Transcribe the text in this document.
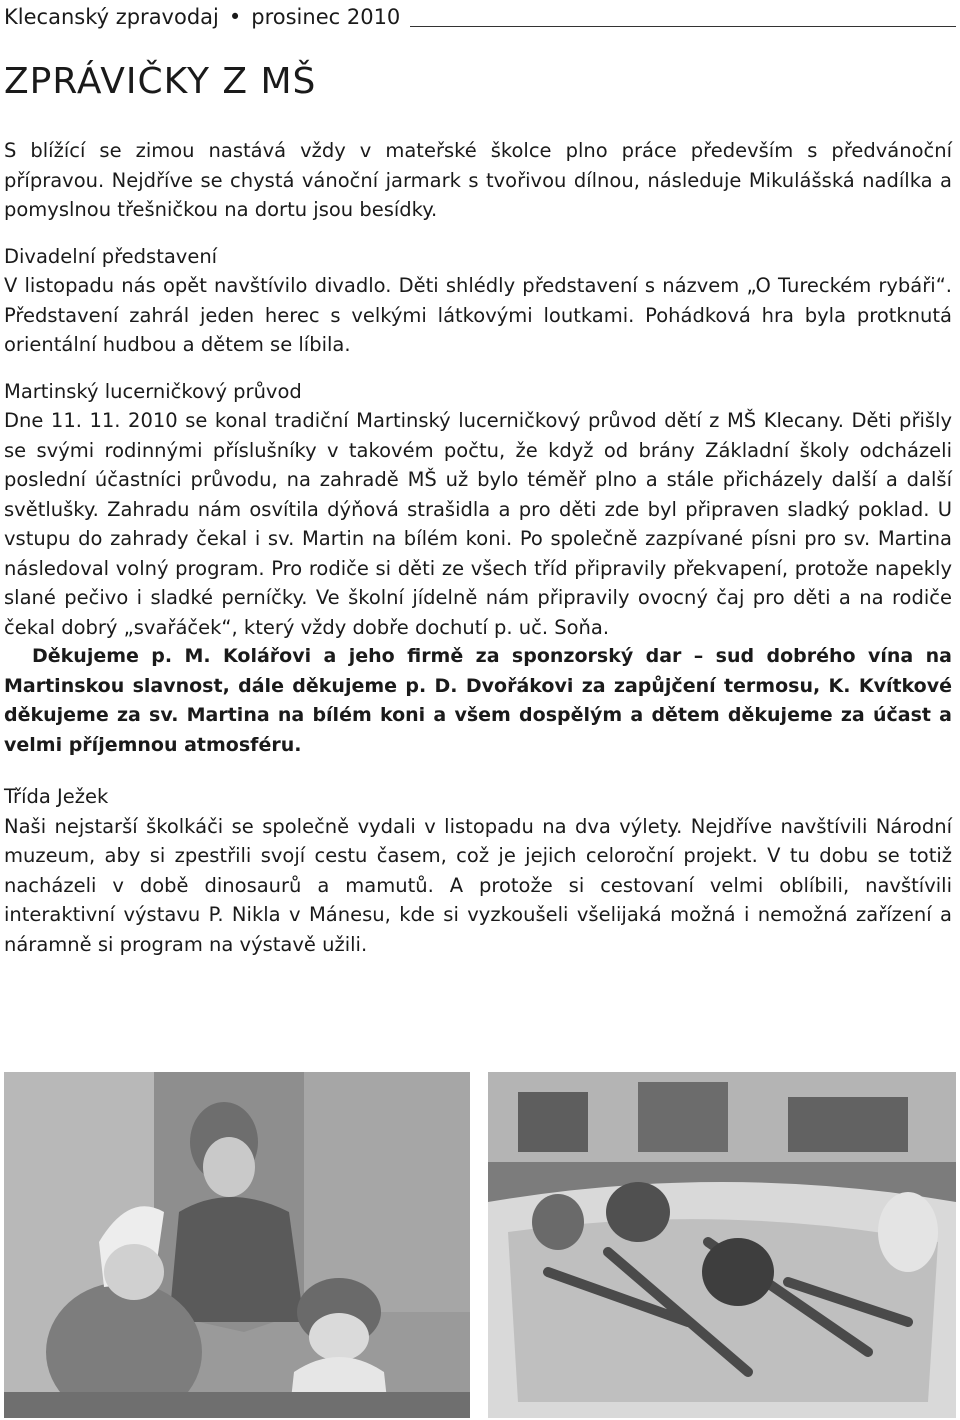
Klecanský zpravodaj • prosinec 2010
ZPRÁVIČKY Z MŠ

S blížící se zimou nastává vždy v mateřské školce plno práce především s předvánoční přípravou. Nejdříve se chystá vánoční jarmark s tvořivou dílnou, následuje Mikulášská nadílka a pomyslnou třešničkou na dortu jsou besídky.

Divadelní představení

V listopadu nás opět navštívilo divadlo. Děti shlédly představení s názvem „O Tureckém rybáři“. Představení zahrál jeden herec s velkými látkovými loutkami. Pohádková hra byla protknutá orientální hudbou a dětem se líbila.

Martinský lucerničkový průvod

Dne 11. 11. 2010 se konal tradiční Martinský lucerničkový průvod dětí z MŠ Klecany. Děti přišly se svými rodinnými příslušníky v takovém počtu, že když od brány Základní školy odcházeli poslední účastníci průvodu, na zahradě MŠ už bylo téměř plno a stále přicházely další a další světlušky. Zahradu nám osvítila dýňová strašidla a pro děti zde byl připraven sladký poklad. U vstupu do zahrady čekal i sv. Martin na bílém koni. Po společně zazpívané písni pro sv. Martina následoval volný program. Pro rodiče si děti ze všech tříd připravily překvapení, protože napekly slané pečivo i sladké perníčky. Ve školní jídelně nám připravily ovocný čaj pro děti a na rodiče čekal dobrý „svařáček“, který vždy dobře dochutí p. uč. Soňa.

Děkujeme p. M. Kolářovi a jeho firmě za sponzorský dar – sud dobrého vína na Martinskou slavnost, dále děkujeme p. D. Dvořákovi za zapůjčení termosu, K. Kvítkové děkujeme za sv. Martina na bílém koni a všem dospělým a dětem děkujeme za účast a velmi příjemnou atmosféru.

Třída Ježek

Naši nejstarší školkáči se společně vydali v listopadu na dva výlety. Nejdříve navštívili Národní muzeum, aby si zpestřili svojí cestu časem, což je jejich celoroční projekt. V tu dobu se totiž nacházeli v době dinosaurů a mamutů. A protože si cestovaní velmi oblíbili, navštívili interaktivní výstavu P. Nikla v Mánesu, kde si vyzkoušeli všelijaká možná i nemožná zařízení a náramně si program na výstavě užili.
